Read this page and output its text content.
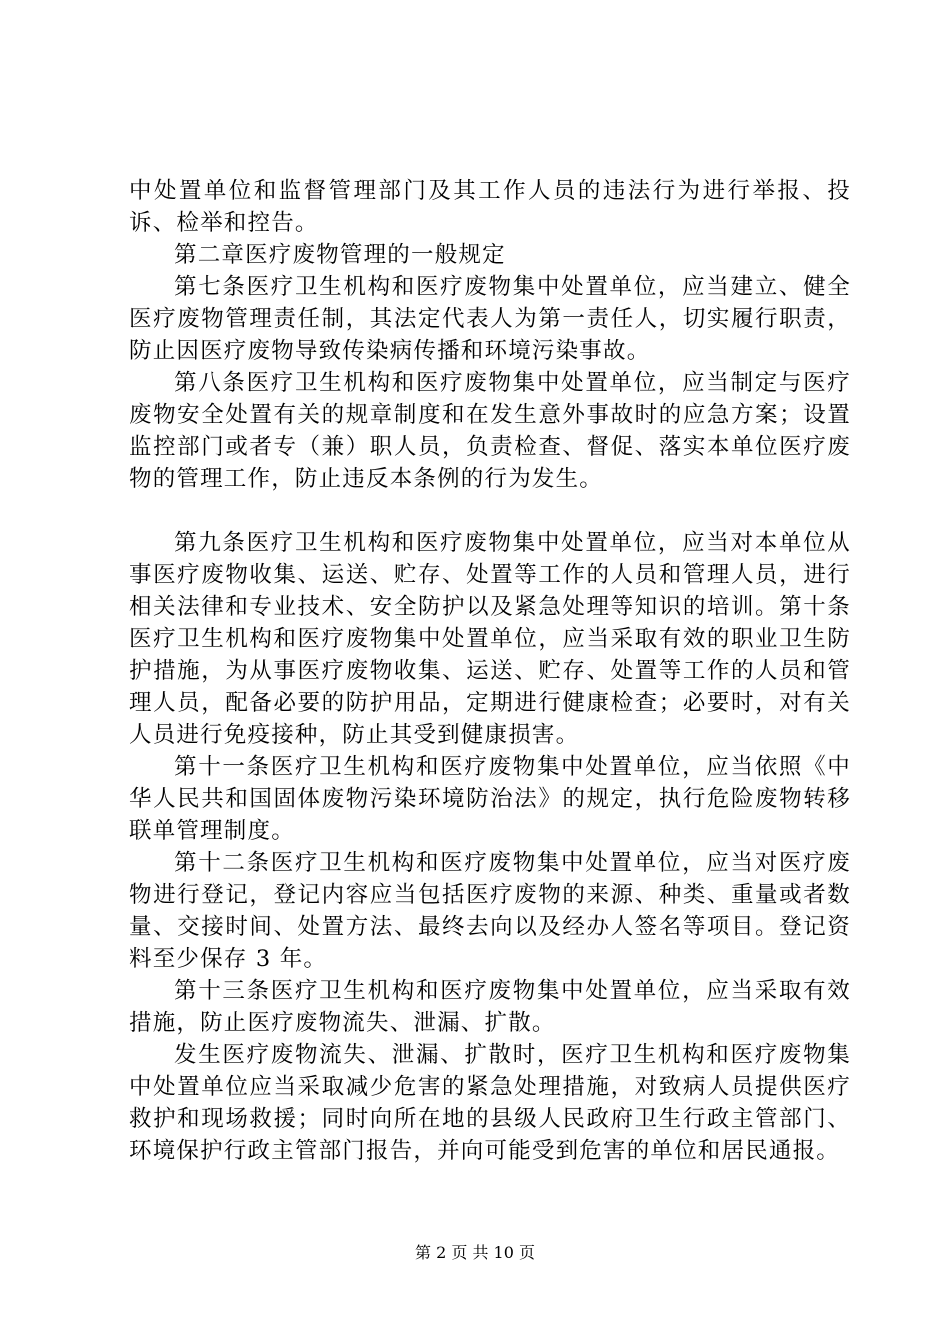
中处置单位和监督管理部门及其工作人员的违法行为进行举报、投诉、检举和控告。

第二章医疗废物管理的一般规定

第七条医疗卫生机构和医疗废物集中处置单位，应当建立、健全医疗废物管理责任制，其法定代表人为第一责任人，切实履行职责，防止因医疗废物导致传染病传播和环境污染事故。

第八条医疗卫生机构和医疗废物集中处置单位，应当制定与医疗废物安全处置有关的规章制度和在发生意外事故时的应急方案；设置监控部门或者专（兼）职人员，负责检查、督促、落实本单位医疗废物的管理工作，防止违反本条例的行为发生。

第九条医疗卫生机构和医疗废物集中处置单位，应当对本单位从事医疗废物收集、运送、贮存、处置等工作的人员和管理人员，进行相关法律和专业技术、安全防护以及紧急处理等知识的培训。第十条医疗卫生机构和医疗废物集中处置单位，应当采取有效的职业卫生防护措施，为从事医疗废物收集、运送、贮存、处置等工作的人员和管理人员，配备必要的防护用品，定期进行健康检查；必要时，对有关人员进行免疫接种，防止其受到健康损害。

第十一条医疗卫生机构和医疗废物集中处置单位，应当依照《中华人民共和国固体废物污染环境防治法》的规定，执行危险废物转移联单管理制度。

第十二条医疗卫生机构和医疗废物集中处置单位，应当对医疗废物进行登记，登记内容应当包括医疗废物的来源、种类、重量或者数量、交接时间、处置方法、最终去向以及经办人签名等项目。登记资料至少保存 3 年。

第十三条医疗卫生机构和医疗废物集中处置单位，应当采取有效措施，防止医疗废物流失、泄漏、扩散。

发生医疗废物流失、泄漏、扩散时，医疗卫生机构和医疗废物集中处置单位应当采取减少危害的紧急处理措施，对致病人员提供医疗救护和现场救援；同时向所在地的县级人民政府卫生行政主管部门、环境保护行政主管部门报告，并向可能受到危害的单位和居民通报。

第 2 页 共 10 页
